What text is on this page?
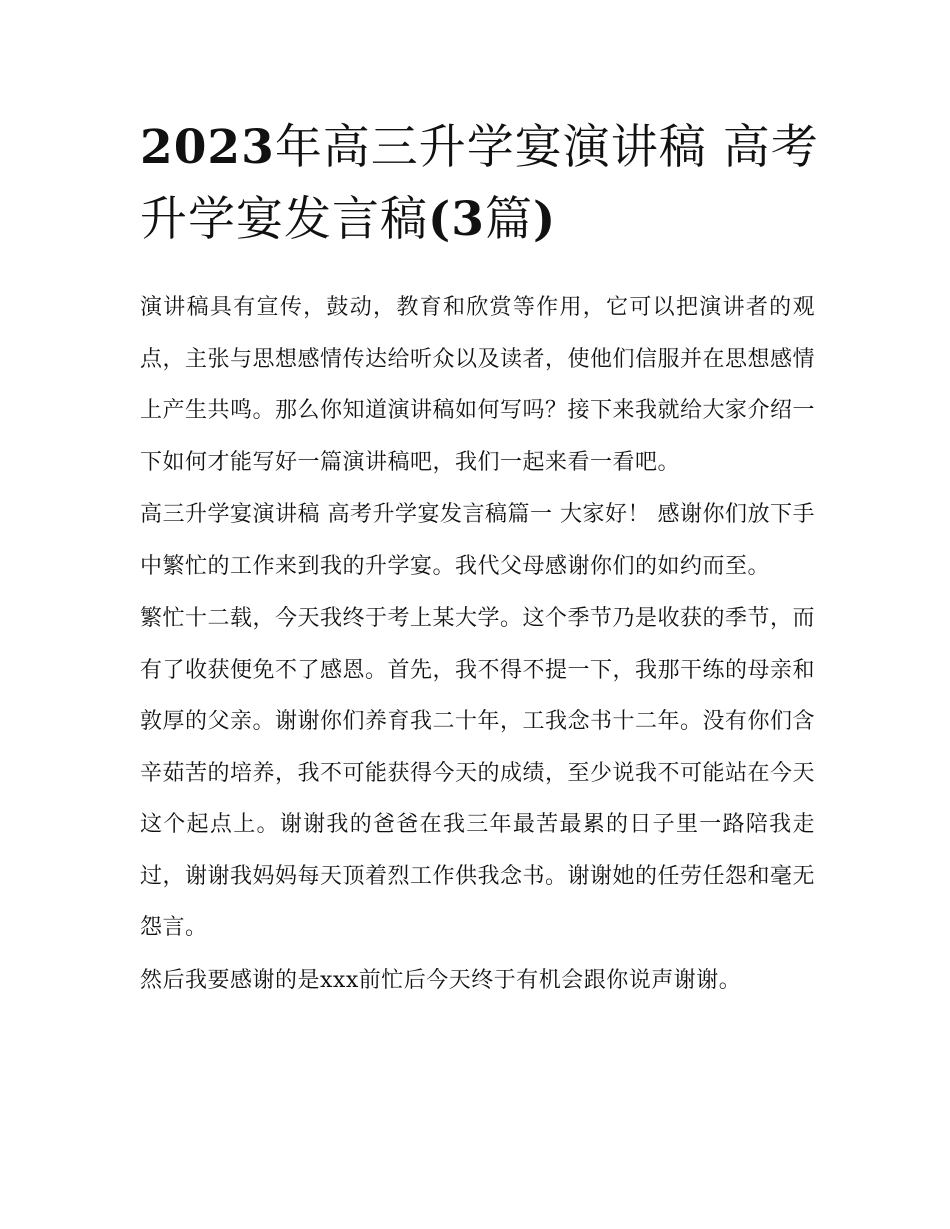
2023年高三升学宴演讲稿 高考升学宴发言稿(3篇)

演讲稿具有宣传，鼓动，教育和欣赏等作用，它可以把演讲者的观点，主张与思想感情传达给听众以及读者，使他们信服并在思想感情上产生共鸣。那么你知道演讲稿如何写吗？接下来我就给大家介绍一下如何才能写好一篇演讲稿吧，我们一起来看一看吧。

高三升学宴演讲稿 高考升学宴发言稿篇一 大家好！ 感谢你们放下手中繁忙的工作来到我的升学宴。我代父母感谢你们的如约而至。

繁忙十二载，今天我终于考上某大学。这个季节乃是收获的季节，而有了收获便免不了感恩。首先，我不得不提一下，我那干练的母亲和敦厚的父亲。谢谢你们养育我二十年，工我念书十二年。没有你们含辛茹苦的培养，我不可能获得今天的成绩，至少说我不可能站在今天这个起点上。谢谢我的爸爸在我三年最苦最累的日子里一路陪我走过，谢谢我妈妈每天顶着烈工作供我念书。谢谢她的任劳任怨和毫无怨言。

然后我要感谢的是xxx前忙后今天终于有机会跟你说声谢谢。
